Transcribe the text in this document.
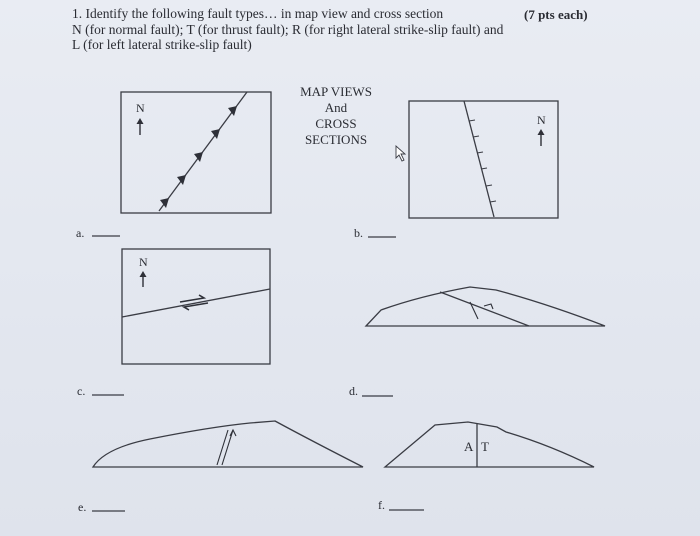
1. Identify the following fault types… in map view and cross section
N (for normal fault); T (for thrust fault); R (for right lateral strike-slip fault) and
L (for left lateral strike-slip fault)
(7 pts each)
MAP VIEWS
And
CROSS
SECTIONS
N
N
N
A T
a.	b.
c.	d.
e.	f.
